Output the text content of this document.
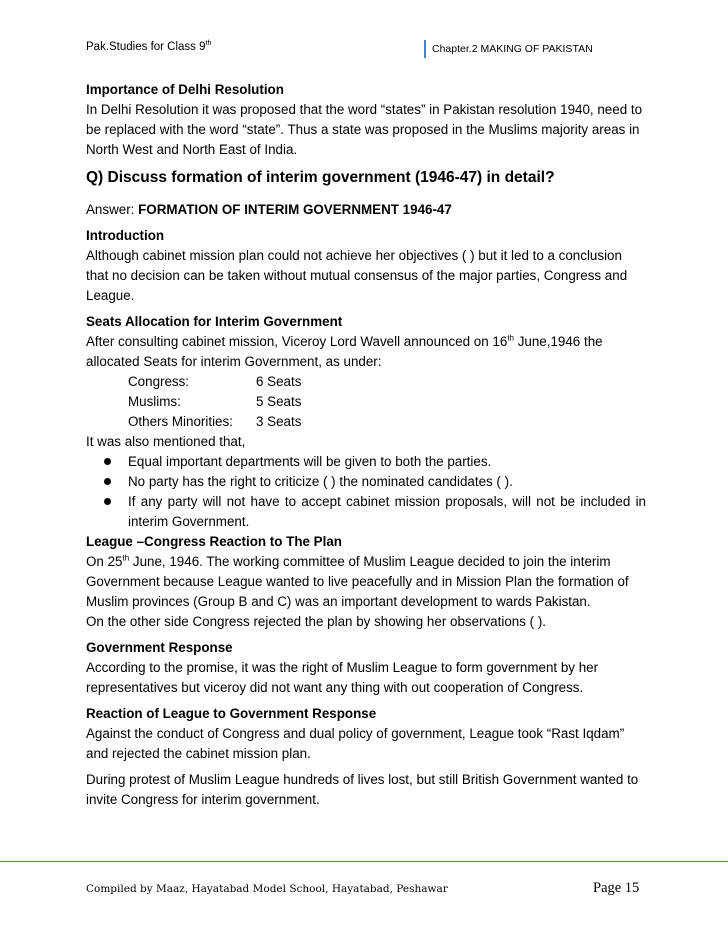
Pak.Studies for Class 9th	Chapter.2 MAKING OF PAKISTAN

Importance of Delhi Resolution

In Delhi Resolution it was proposed that the word “states” in Pakistan resolution 1940, need to be replaced with the word “state”. Thus a state was proposed in the Muslims majority areas in North West and North East of India.

Q) Discuss formation of interim government (1946-47) in detail?

Answer: FORMATION OF INTERIM GOVERNMENT 1946-47

Introduction

Although cabinet mission plan could not achieve her objectives ( ) but it led to a conclusion that no decision can be taken without mutual consensus of the major parties, Congress and League.

Seats Allocation for Interim Government

After consulting cabinet mission, Viceroy Lord Wavell announced on 16th June,1946 the allocated Seats for interim Government, as under:

Congress:	6 Seats
Muslims:	5 Seats
Others Minorities:	3 Seats

It was also mentioned that,

Equal important departments will be given to both the parties.
No party has the right to criticize ( ) the nominated candidates ( ).
If any party will not have to accept cabinet mission proposals, will not be included in interim Government.

League –Congress Reaction to The Plan

On 25th June, 1946. The working committee of Muslim League decided to join the interim Government because League wanted to live peacefully and in Mission Plan the formation of Muslim provinces (Group B and C) was an important development to wards Pakistan.

On the other side Congress rejected the plan by showing her observations ( ).

Government Response

According to the promise, it was the right of Muslim League to form government by her representatives but viceroy did not want any thing with out cooperation of Congress.

Reaction of League to Government Response

Against the conduct of Congress and dual policy of government, League took “Rast Iqdam” and rejected the cabinet mission plan.

During protest of Muslim League hundreds of lives lost, but still British Government wanted to invite Congress for interim government.

Compiled by Maaz, Hayatabad Model School, Hayatabad, Peshawar	Page 15
